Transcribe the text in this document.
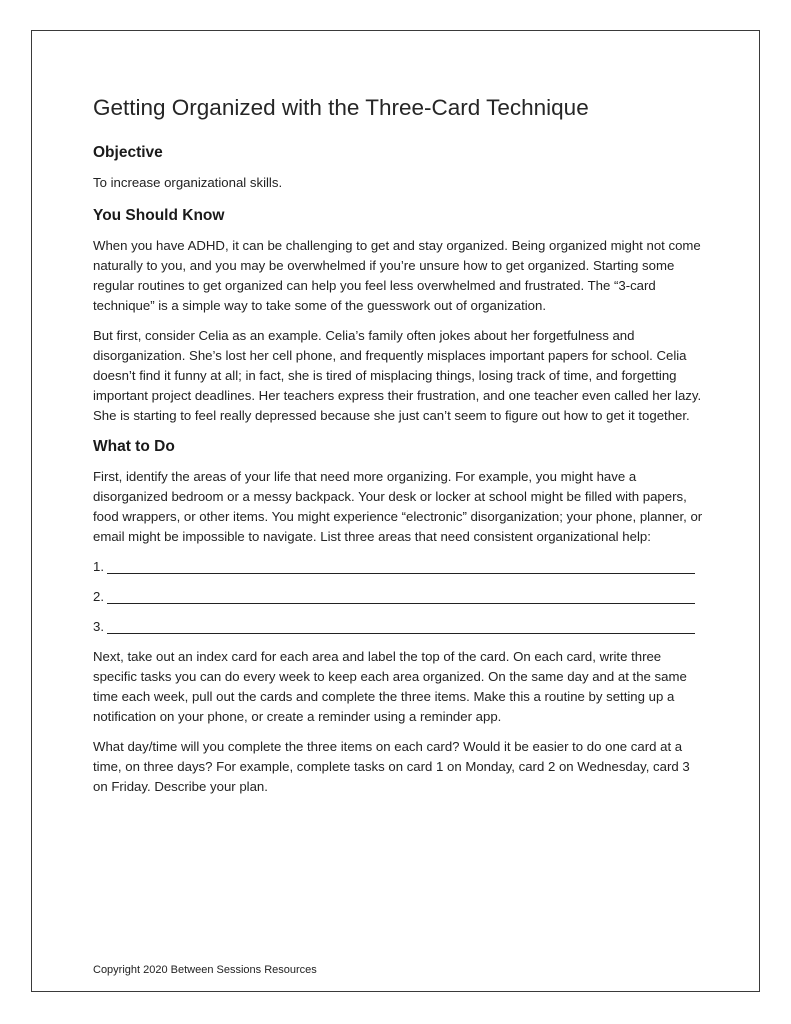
Getting Organized with the Three-Card Technique
Objective

To increase organizational skills.

You Should Know

When you have ADHD, it can be challenging to get and stay organized. Being organized might not come naturally to you, and you may be overwhelmed if you’re unsure how to get organized. Starting some regular routines to get organized can help you feel less overwhelmed and frustrated. The “3-card technique” is a simple way to take some of the guesswork out of organization.

But first, consider Celia as an example. Celia’s family often jokes about her forgetfulness and disorganization. She’s lost her cell phone, and frequently misplaces important papers for school. Celia doesn’t find it funny at all; in fact, she is tired of misplacing things, losing track of time, and forgetting important project deadlines. Her teachers express their frustration, and one teacher even called her lazy. She is starting to feel really depressed because she just can’t seem to figure out how to get it together.

What to Do

First, identify the areas of your life that need more organizing. For example, you might have a disorganized bedroom or a messy backpack. Your desk or locker at school might be filled with papers, food wrappers, or other items. You might experience “electronic” disorganization; your phone, planner, or email might be impossible to navigate. List three areas that need consistent organizational help:

1.
2.
3.

Next, take out an index card for each area and label the top of the card. On each card, write three specific tasks you can do every week to keep each area organized. On the same day and at the same time each week, pull out the cards and complete the three items. Make this a routine by setting up a notification on your phone, or create a reminder using a reminder app.

What day/time will you complete the three items on each card? Would it be easier to do one card at a time, on three days? For example, complete tasks on card 1 on Monday, card 2 on Wednesday, card 3 on Friday. Describe your plan.

Copyright 2020 Between Sessions Resources
